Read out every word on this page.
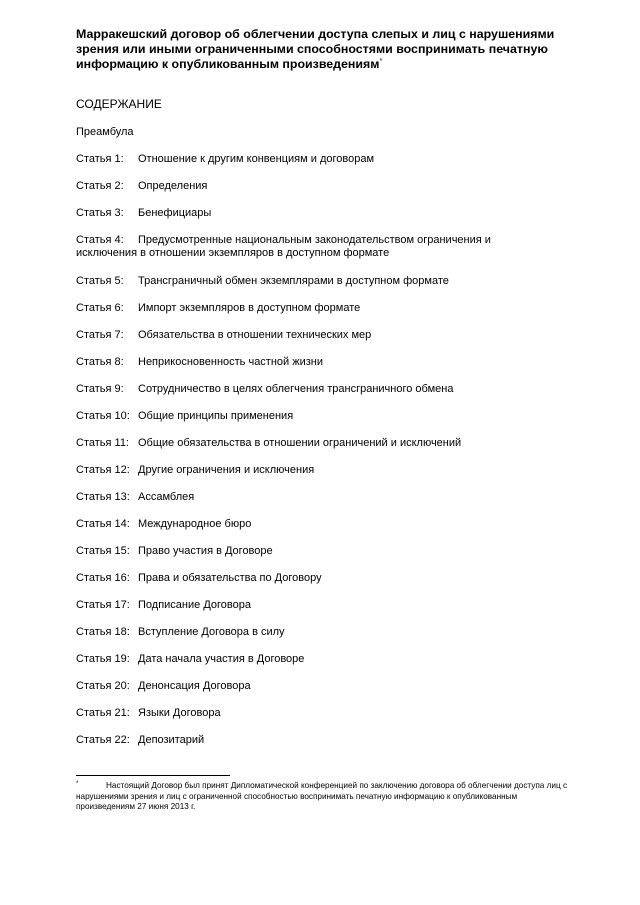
Марракешский договор об облегчении доступа слепых и лиц с нарушениями зрения или иными ограниченными способностями воспринимать печатную информацию к опубликованным произведениям*
СОДЕРЖАНИЕ
Преамбула
Статья 1: Отношение к другим конвенциям и договорам
Статья 2: Определения
Статья 3: Бенефициары
Статья 4: Предусмотренные национальным законодательством ограничения и исключения в отношении экземпляров в доступном формате
Статья 5: Трансграничный обмен экземплярами в доступном формате
Статья 6: Импорт экземпляров в доступном формате
Статья 7: Обязательства в отношении технических мер
Статья 8: Неприкосновенность частной жизни
Статья 9: Сотрудничество в целях облегчения трансграничного обмена
Статья 10: Общие принципы применения
Статья 11: Общие обязательства в отношении ограничений и исключений
Статья 12: Другие ограничения и исключения
Статья 13: Ассамблея
Статья 14: Международное бюро
Статья 15: Право участия в Договоре
Статья 16: Права и обязательства по Договору
Статья 17: Подписание Договора
Статья 18: Вступление Договора в силу
Статья 19: Дата начала участия в Договоре
Статья 20: Денонсация Договора
Статья 21: Языки Договора
Статья 22: Депозитарий
*	Настоящий Договор был принят Дипломатической конференцией по заключению договора об облегчении доступа лиц с нарушениями зрения и лиц с ограниченной способностью воспринимать печатную информацию к опубликованным произведениям 27 июня 2013 г.
